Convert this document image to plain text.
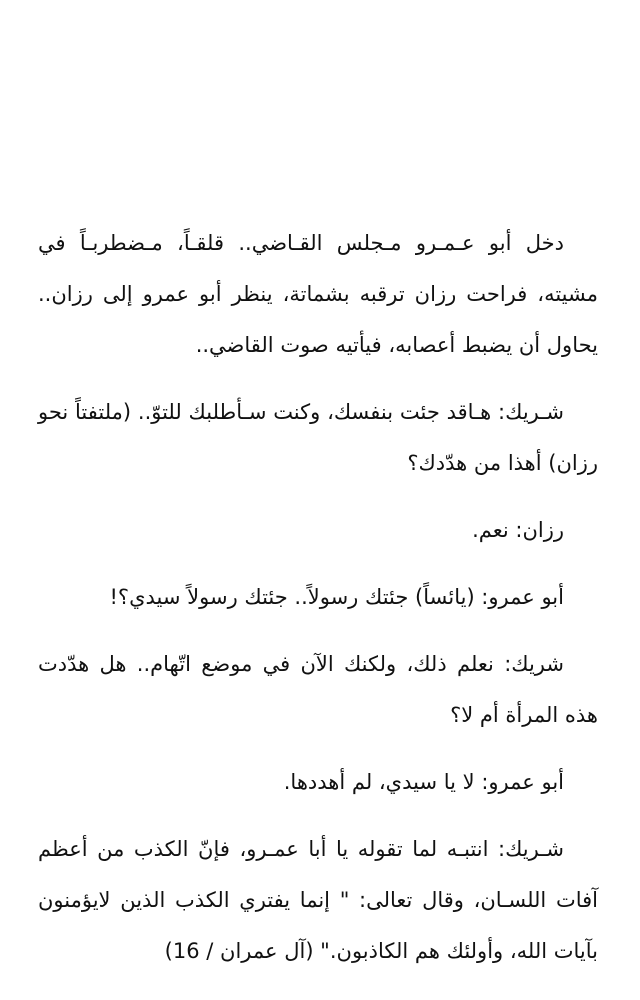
دخل أبو عـمـرو مـجلس القـاضي.. قلقـاً، مـضطربـاً في مشيته، فراحت رزان ترقبه بشماتة، ينظر أبو عمرو إلى رزان.. يحاول أن يضبط أعصابه، فيأتيه صوت القاضي..

شـريك: هـاقد جئت بنفسك، وكنت سـأطلبك للتوّ.. (ملتفتاً نحو رزان) أهذا من هدّدك؟

رزان: نعم.

أبو عمرو: (يائساً) جئتك رسولاً.. جئتك رسولاً سيدي؟!

شريك: نعلم ذلك، ولكنك الآن في موضع اتّهام.. هل هدّدت هذه المرأة أم لا؟

أبو عمرو: لا يا سيدي، لم أهددها.

شـريك: انتبـه لما تقوله يا أبا عمـرو، فإنّ الكذب من أعظم آفات اللسـان، وقال تعالى: " إنما يفتري الكذب الذين لايؤمنون بآيات الله، وأولئك هم الكاذبون." (آل عمران / 16)
